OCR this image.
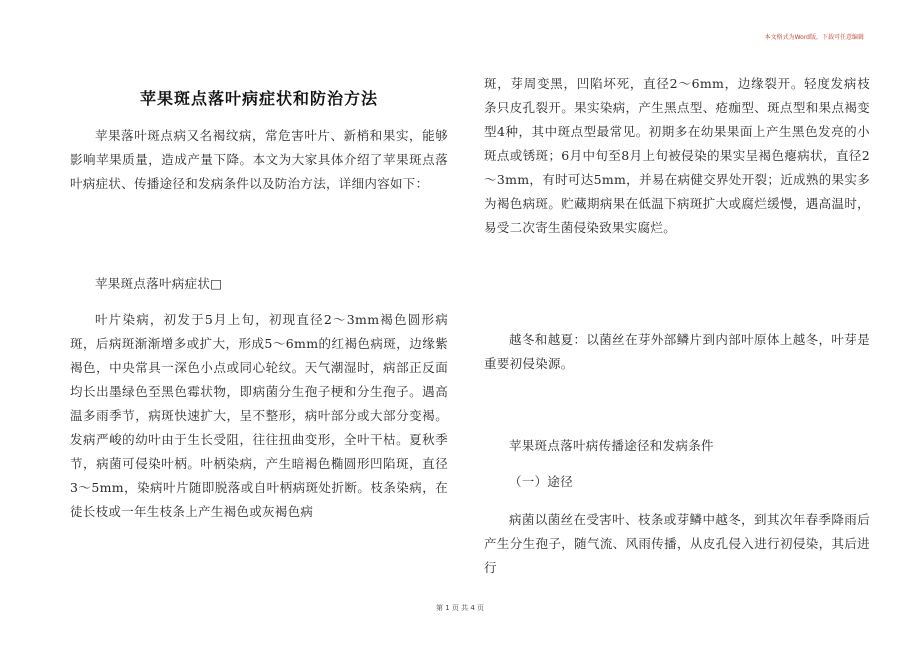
本文格式为Word版，下载可任意编辑
苹果斑点落叶病症状和防治方法

苹果落叶斑点病又名褐纹病，常危害叶片、新梢和果实，能够影响苹果质量，造成产量下降。本文为大家具体介绍了苹果斑点落叶病症状、传播途径和发病条件以及防治方法，详细内容如下：

苹果斑点落叶病症状□

叶片染病，初发于5月上旬，初现直径2～3mm褐色圆形病斑，后病斑渐渐增多或扩大，形成5～6mm的红褐色病斑，边缘紫褐色，中央常具一深色小点或同心轮纹。天气潮湿时，病部正反面均长出墨绿色至黑色霉状物，即病菌分生孢子梗和分生孢子。遇高温多雨季节，病斑快速扩大，呈不整形，病叶部分或大部分变褐。发病严峻的幼叶由于生长受阻，往往扭曲变形，全叶干枯。夏秋季节，病菌可侵染叶柄。叶柄染病，产生暗褐色椭圆形凹陷斑，直径3～5mm，染病叶片随即脱落或自叶柄病斑处折断。枝条染病，在徒长枝或一年生枝条上产生褐色或灰褐色病

斑，芽周变黑，凹陷坏死，直径2～6mm，边缘裂开。轻度发病枝条只皮孔裂开。果实染病，产生黑点型、疮痂型、斑点型和果点褐变型4种，其中斑点型最常见。初期多在幼果果面上产生黑色发亮的小斑点或锈斑；6月中旬至8月上旬被侵染的果实呈褐色瘪病状，直径2～3mm，有时可达5mm，并易在病健交界处开裂；近成熟的果实多为褐色病斑。贮藏期病果在低温下病斑扩大或腐烂缓慢，遇高温时，易受二次寄生菌侵染致果实腐烂。

越冬和越夏：以菌丝在芽外部鳞片到内部叶原体上越冬，叶芽是重要初侵染源。

苹果斑点落叶病传播途径和发病条件

（一）途径

病菌以菌丝在受害叶、枝条或芽鳞中越冬，到其次年春季降雨后产生分生孢子，随气流、风雨传播，从皮孔侵入进行初侵染，其后进行

第 1 页 共 4 页
